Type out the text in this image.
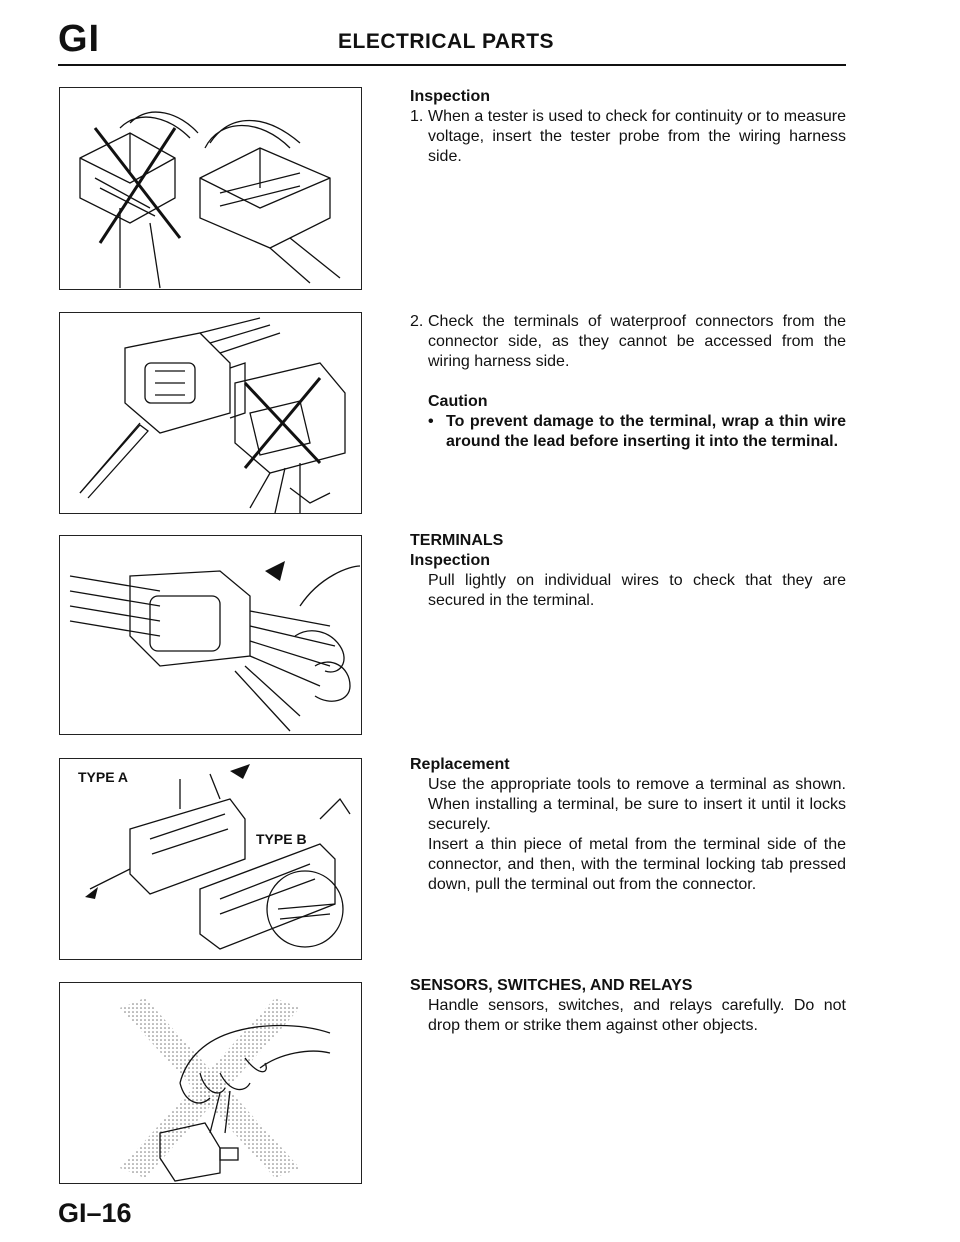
GI	ELECTRICAL PARTS
TYPE A
TYPE B
Inspection
1. When a tester is used to check for continuity or to measure voltage, insert the tester probe from the wiring harness side.
2. Check the terminals of waterproof connectors from the connector side, as they cannot be accessed from the wiring harness side.
Caution
• To prevent damage to the terminal, wrap a thin wire around the lead before inserting it into the terminal.
TERMINALS
Inspection
Pull lightly on individual wires to check that they are secured in the terminal.
Replacement
Use the appropriate tools to remove a terminal as shown. When installing a terminal, be sure to insert it until it locks securely.
Insert a thin piece of metal from the terminal side of the connector, and then, with the terminal locking tab pressed down, pull the terminal out from the connector.
SENSORS, SWITCHES, AND RELAYS
Handle sensors, switches, and relays carefully. Do not drop them or strike them against other objects.
GI–16
